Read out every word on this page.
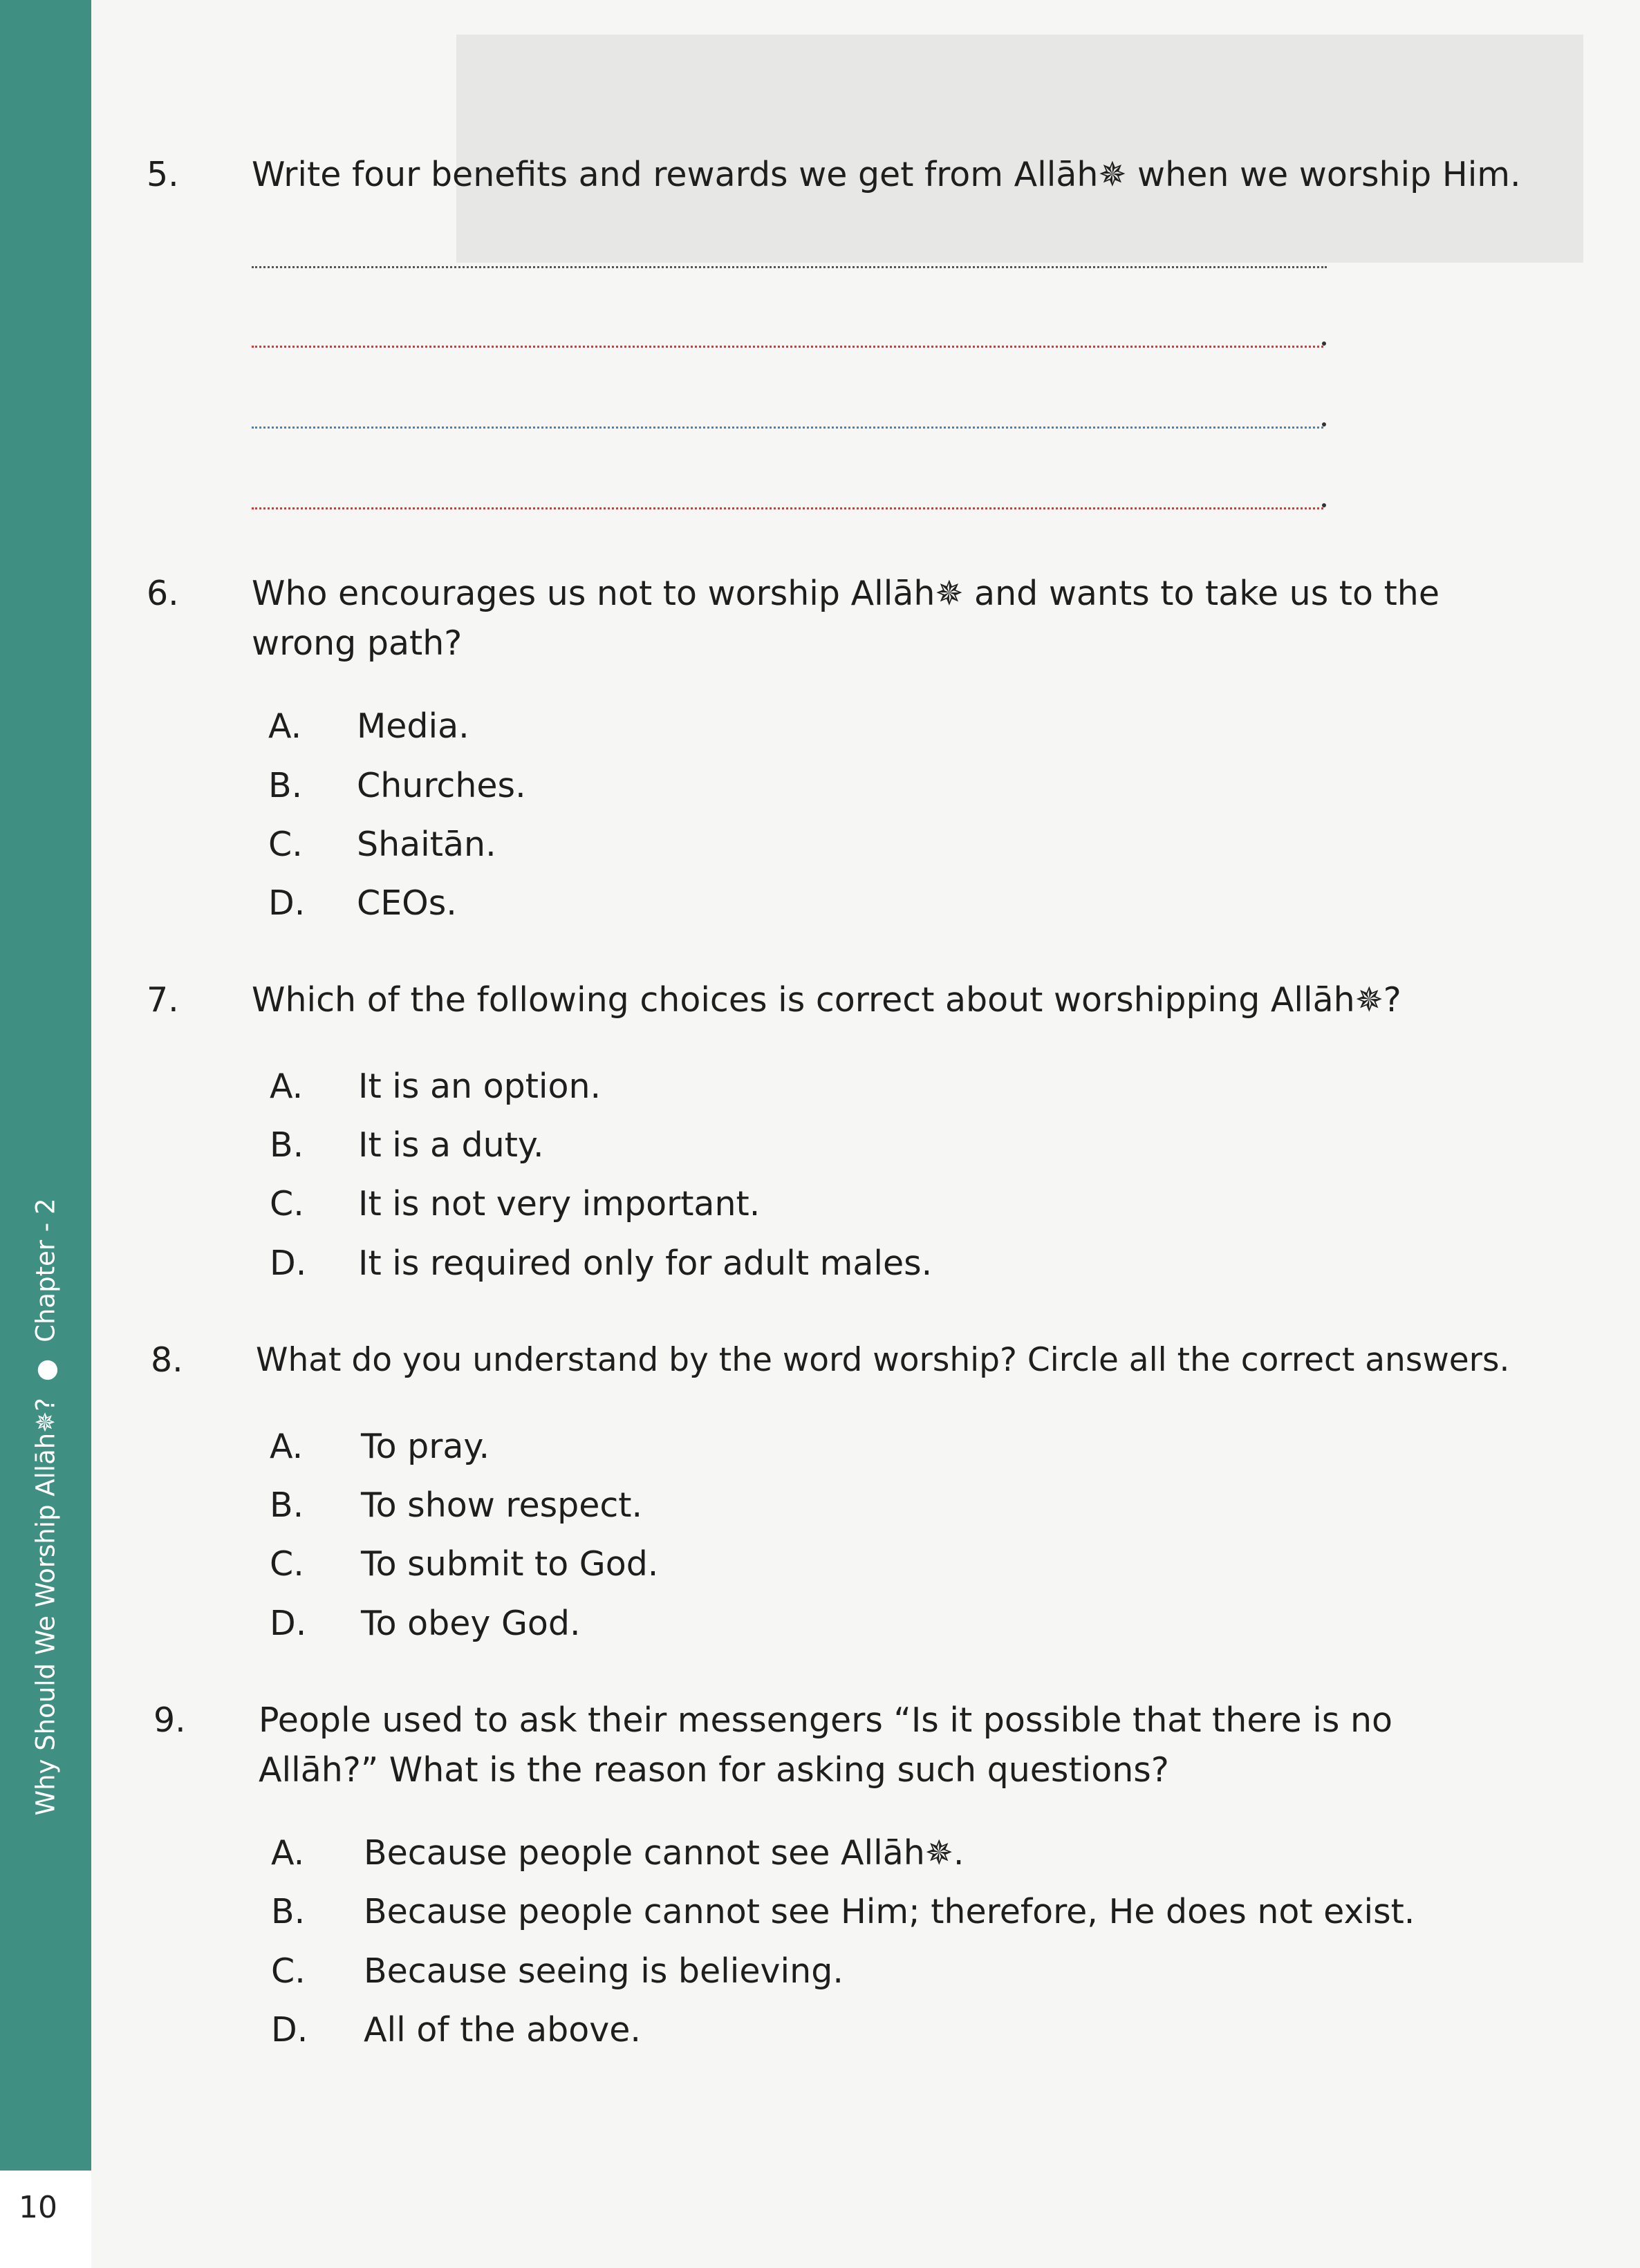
Why Should We Worship Allāh✵?●Chapter - 2
10
5. Write four benefits and rewards we get from Allāh✵ when we worship Him.
6. Who encourages us not to worship Allāh✵ and wants to take us to the
wrong path?
A. Media.
B. Churches.
C. Shaitān.
D. CEOs.
7. Which of the following choices is correct about worshipping Allāh✵?
A. It is an option.
B. It is a duty.
C. It is not very important.
D. It is required only for adult males.
8. What do you understand by the word worship? Circle all the correct answers.
A. To pray.
B. To show respect.
C. To submit to God.
D. To obey God.
9. People used to ask their messengers “Is it possible that there is no
Allāh?” What is the reason for asking such questions?
A. Because people cannot see Allāh✵.
B. Because people cannot see Him; therefore, He does not exist.
C. Because seeing is believing.
D. All of the above.
